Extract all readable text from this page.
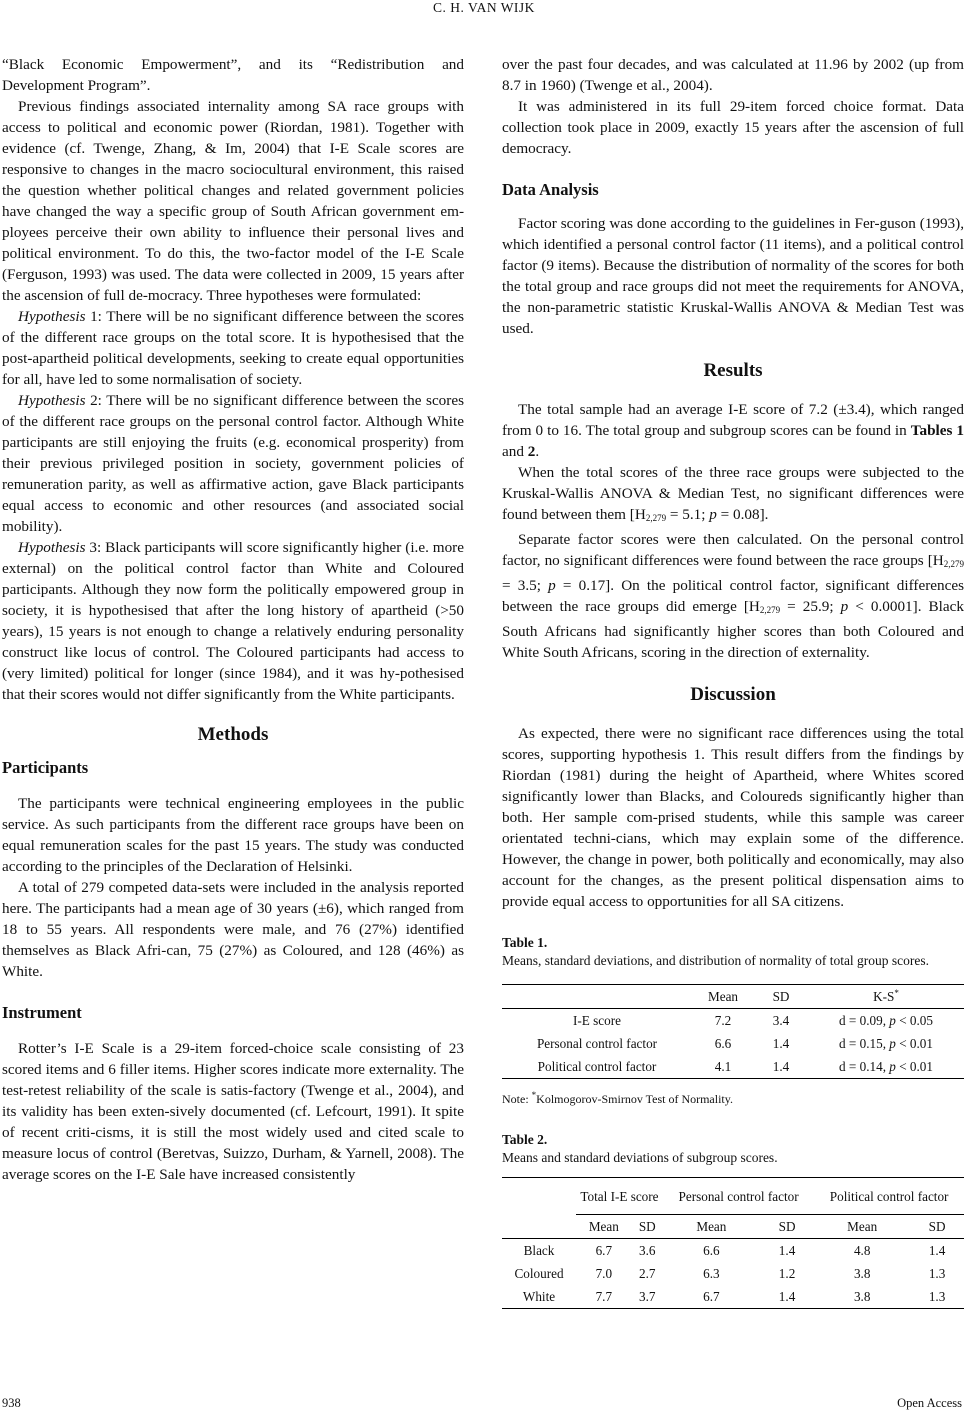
C. H. VAN WIJK

“Black Economic Empowerment”, and its “Redistribution and Development Program”.

Previous findings associated internality among SA race groups with access to political and economic power (Riordan, 1981). Together with evidence (cf. Twenge, Zhang, & Im, 2004) that I-E Scale scores are responsive to changes in the macro sociocultural environment, this raised the question whether political changes and related government policies have changed the way a specific group of South African government em-ployees perceive their own ability to influence their personal lives and political environment. To do this, the two-factor model of the I-E Scale (Ferguson, 1993) was used. The data were collected in 2009, 15 years after the ascension of full de-mocracy. Three hypotheses were formulated:

Hypothesis 1: There will be no significant difference between the scores of the different race groups on the total score. It is hypothesised that the post-apartheid political developments, seeking to create equal opportunities for all, have led to some normalisation of society.

Hypothesis 2: There will be no significant difference between the scores of the different race groups on the personal control factor. Although White participants are still enjoying the fruits (e.g. economical prosperity) from their previous privileged position in society, government policies of remuneration parity, as well as affirmative action, gave Black participants equal access to economic and other resources (and associated social mobility).

Hypothesis 3: Black participants will score significantly higher (i.e. more external) on the political control factor than White and Coloured participants. Although they now form the politically empowered group in society, it is hypothesised that after the long history of apartheid (>50 years), 15 years is not enough to change a relatively enduring personality construct like locus of control. The Coloured participants had access to (very limited) political for longer (since 1984), and it was hy-pothesised that their scores would not differ significantly from the White participants.

Methods
Participants

The participants were technical engineering employees in the public service. As such participants from the different race groups have been on equal remuneration scales for the past 15 years. The study was conducted according to the principles of the Declaration of Helsinki.

A total of 279 competed data-sets were included in the analysis reported here. The participants had a mean age of 30 years (±6), which ranged from 18 to 55 years. All respondents were male, and 76 (27%) identified themselves as Black Afri-can, 75 (27%) as Coloured, and 128 (46%) as White.

Instrument

Rotter’s I-E Scale is a 29-item forced-choice scale consisting of 23 scored items and 6 filler items. Higher scores indicate more externality. The test-retest reliability of the scale is satis-factory (Twenge et al., 2004), and its validity has been exten-sively documented (cf. Lefcourt, 1991). It spite of recent criti-cisms, it is still the most widely used and cited scale to measure locus of control (Beretvas, Suizzo, Durham, & Yarnell, 2008). The average scores on the I-E Sale have increased consistently

over the past four decades, and was calculated at 11.96 by 2002 (up from 8.7 in 1960) (Twenge et al., 2004).

It was administered in its full 29-item forced choice format. Data collection took place in 2009, exactly 15 years after the ascension of full democracy.

Data Analysis

Factor scoring was done according to the guidelines in Fer-guson (1993), which identified a personal control factor (11 items), and a political control factor (9 items). Because the distribution of normality of the scores for both the total group and race groups did not meet the requirements for ANOVA, the non-parametric statistic Kruskal-Wallis ANOVA & Median Test was used.

Results

The total sample had an average I-E score of 7.2 (±3.4), which ranged from 0 to 16. The total group and subgroup scores can be found in Tables 1 and 2.

When the total scores of the three race groups were subjected to the Kruskal-Wallis ANOVA & Median Test, no significant differences were found between them [$H_{2,279} = 5.1$; p = 0.08].

Separate factor scores were then calculated. On the personal control factor, no significant differences were found between the race groups [$H_{2,279} = 3.5$; p = 0.17]. On the political control factor, significant differences between the race groups did emerge [$H_{2,279} = 25.9$; p < 0.0001]. Black South Africans had significantly higher scores than both Coloured and White South Africans, scoring in the direction of externality.

Discussion

As expected, there were no significant race differences using the total scores, supporting hypothesis 1. This result differs from the findings by Riordan (1981) during the height of Apartheid, where Whites scored significantly lower than Blacks, and Coloureds significantly higher than both. Her sample com-prised students, while this sample was career orientated techni-cians, which may explain some of the difference. However, the change in power, both politically and economically, may also account for the changes, as the present political dispensation aims to provide equal access to opportunities for all SA citizens.

Table 1.

Means, standard deviations, and distribution of normality of total group scores.

	Mean	SD	K-S*
I-E score	7.2	3.4	d = 0.09, p < 0.05
Personal control factor	6.6	1.4	d = 0.15, p < 0.01
Political control factor	4.1	1.4	d = 0.14, p < 0.01
Note: *Kolmogorov-Smirnov Test of Normality.

Table 2.

Means and standard deviations of subgroup scores.

	Total I-E score		Personal control factor		Political control factor	
	Mean	SD	Mean	SD	Mean	SD
Black	6.7	3.6	6.6	1.4	4.8	1.4
Coloured	7.0	2.7	6.3	1.2	3.8	1.3
White	7.7	3.7	6.7	1.4	3.8	1.3
938	Open Access
